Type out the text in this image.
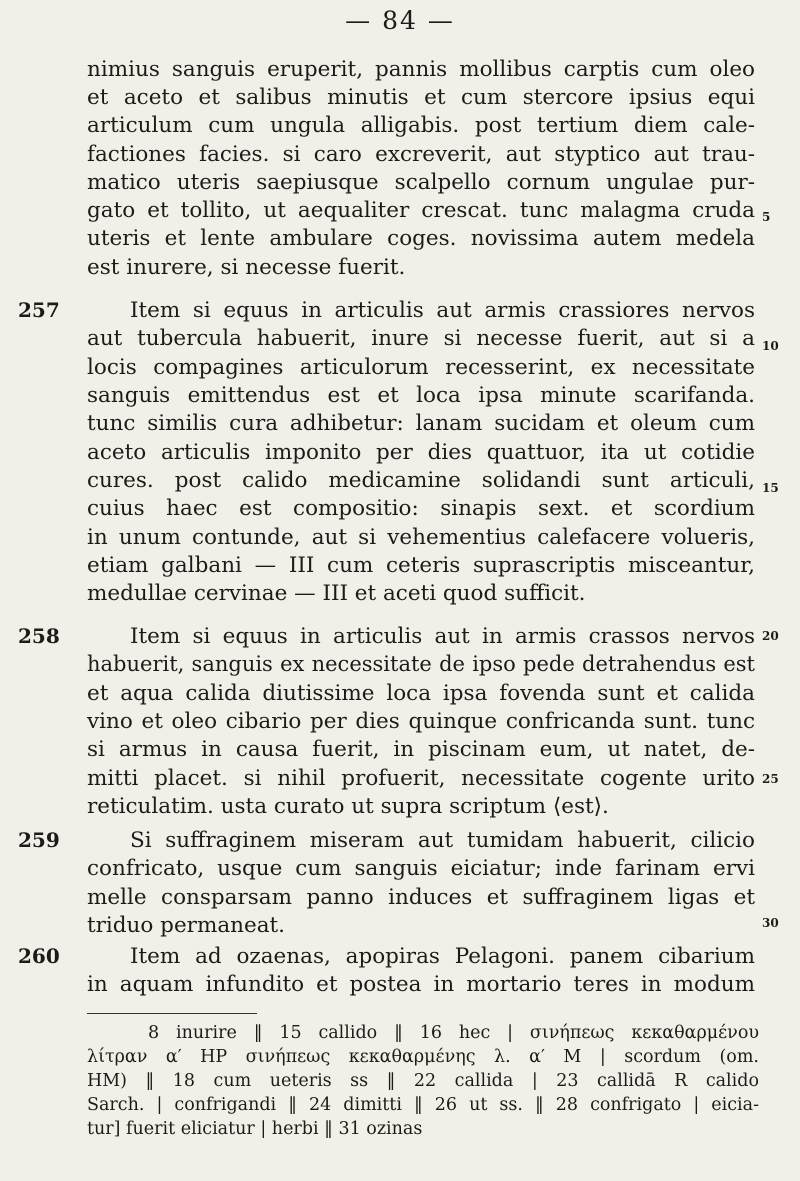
— 84 —
nimius sanguis eruperit, pannis mollibus carptis cum oleo
et aceto et salibus minutis et cum stercore ipsius equi
articulum cum ungula alligabis. post tertium diem cale-
factiones facies. si caro excreverit, aut styptico aut trau-
matico uteris saepiusque scalpello cornum ungulae pur-
gato et tollito, ut aequaliter crescat. tunc malagma cruda
uteris et lente ambulare coges. novissima autem medela
est inurere, si necesse fuerit.
257	Item si equus in articulis aut armis crassiores nervos
aut tubercula habuerit, inure si necesse fuerit, aut si a
locis compagines articulorum recesserint, ex necessitate
sanguis emittendus est et loca ipsa minute scarifanda.
tunc similis cura adhibetur: lanam sucidam et oleum cum
aceto articulis imponito per dies quattuor, ita ut cotidie
cures. post calido medicamine solidandi sunt articuli,
cuius haec est compositio: sinapis sext. et scordium
in unum contunde, aut si vehementius calefacere volueris,
etiam galbani — III cum ceteris suprascriptis misceantur,
medullae cervinae — III et aceti quod sufficit.
258	Item si equus in articulis aut in armis crassos nervos
habuerit, sanguis ex necessitate de ipso pede detrahendus est
et aqua calida diutissime loca ipsa fovenda sunt et calida
vino et oleo cibario per dies quinque confricanda sunt. tunc
si armus in causa fuerit, in piscinam eum, ut natet, de-
mitti placet. si nihil profuerit, necessitate cogente urito
reticulatim. usta curato ut supra scriptum ⟨est⟩.
259	Si suffraginem miseram aut tumidam habuerit, cilicio
confricato, usque cum sanguis eiciatur; inde farinam ervi
melle consparsam panno induces et suffraginem ligas et
triduo permaneat.
260	Item ad ozaenas, apopiras Pelagoni. panem cibarium
in aquam infundito et postea in mortario teres in modum
5
10
15
20
25
30
8 inurire ‖ 15 callido ‖ 16 hec | σινήπεως κεκαθαρμένου
λίτραν α′ HP σινήπεως κεκαθαρμένης λ. α′ M | scordum (om.
HM) ‖ 18 cum ueteris ss ‖ 22 callida | 23 callidā R calido
Sarch. | confrigandi ‖ 24 dimitti ‖ 26 ut ss. ‖ 28 confrigato | eicia-
tur] fuerit eliciatur | herbi ‖ 31 ozinas
